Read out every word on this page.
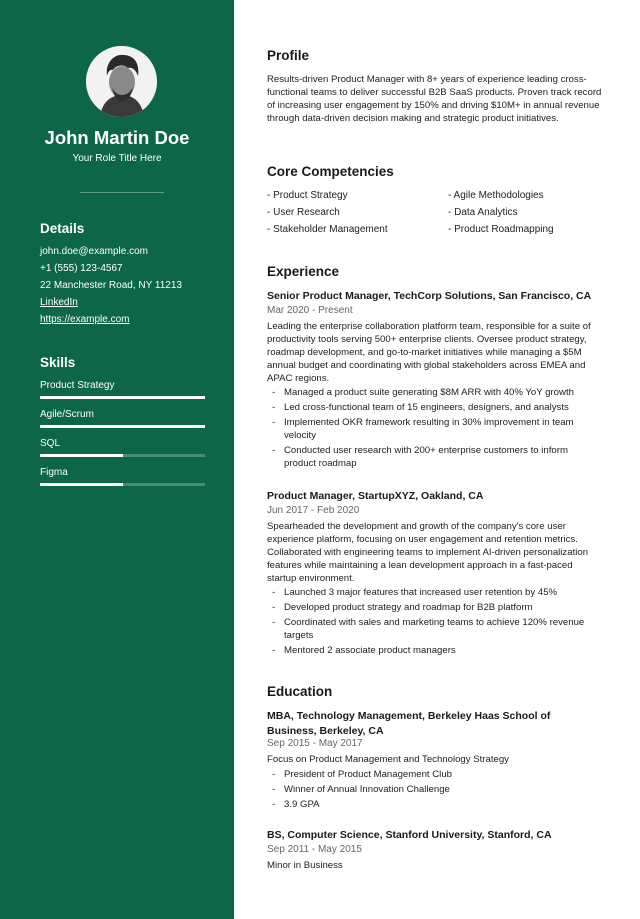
John Martin Doe
Your Role Title Here
Details
john.doe@example.com
+1 (555) 123-4567
22 Manchester Road, NY 11213
LinkedIn
https://example.com
Skills
Product Strategy
Agile/Scrum
SQL
Figma
Profile

Results-driven Product Manager with 8+ years of experience leading cross-functional teams to deliver successful B2B SaaS products. Proven track record of increasing user engagement by 150% and driving $10M+ in annual revenue through data-driven decision making and strategic product initiatives.

Core Competencies
- Product Strategy
- User Research
- Stakeholder Management
- Agile Methodologies
- Data Analytics
- Product Roadmapping
Experience
Senior Product Manager, TechCorp Solutions, San Francisco, CA
Mar 2020 - Present

Leading the enterprise collaboration platform team, responsible for a suite of productivity tools serving 500+ enterprise clients. Oversee product strategy, roadmap development, and go-to-market initiatives while managing a $5M annual budget and coordinating with global stakeholders across EMEA and APAC regions.

- Managed a product suite generating $8M ARR with 40% YoY growth
- Led cross-functional team of 15 engineers, designers, and analysts
- Implemented OKR framework resulting in 30% improvement in team velocity
- Conducted user research with 200+ enterprise customers to inform product roadmap
Product Manager, StartupXYZ, Oakland, CA
Jun 2017 - Feb 2020

Spearheaded the development and growth of the company's core user experience platform, focusing on user engagement and retention metrics. Collaborated with engineering teams to implement AI-driven personalization features while maintaining a lean development approach in a fast-paced startup environment.

- Launched 3 major features that increased user retention by 45%
- Developed product strategy and roadmap for B2B platform
- Coordinated with sales and marketing teams to achieve 120% revenue targets
- Mentored 2 associate product managers
Education
MBA, Technology Management, Berkeley Haas School of Business, Berkeley, CA
Sep 2015 - May 2017

Focus on Product Management and Technology Strategy

- President of Product Management Club
- Winner of Annual Innovation Challenge
- 3.9 GPA
BS, Computer Science, Stanford University, Stanford, CA
Sep 2011 - May 2015

Minor in Business
